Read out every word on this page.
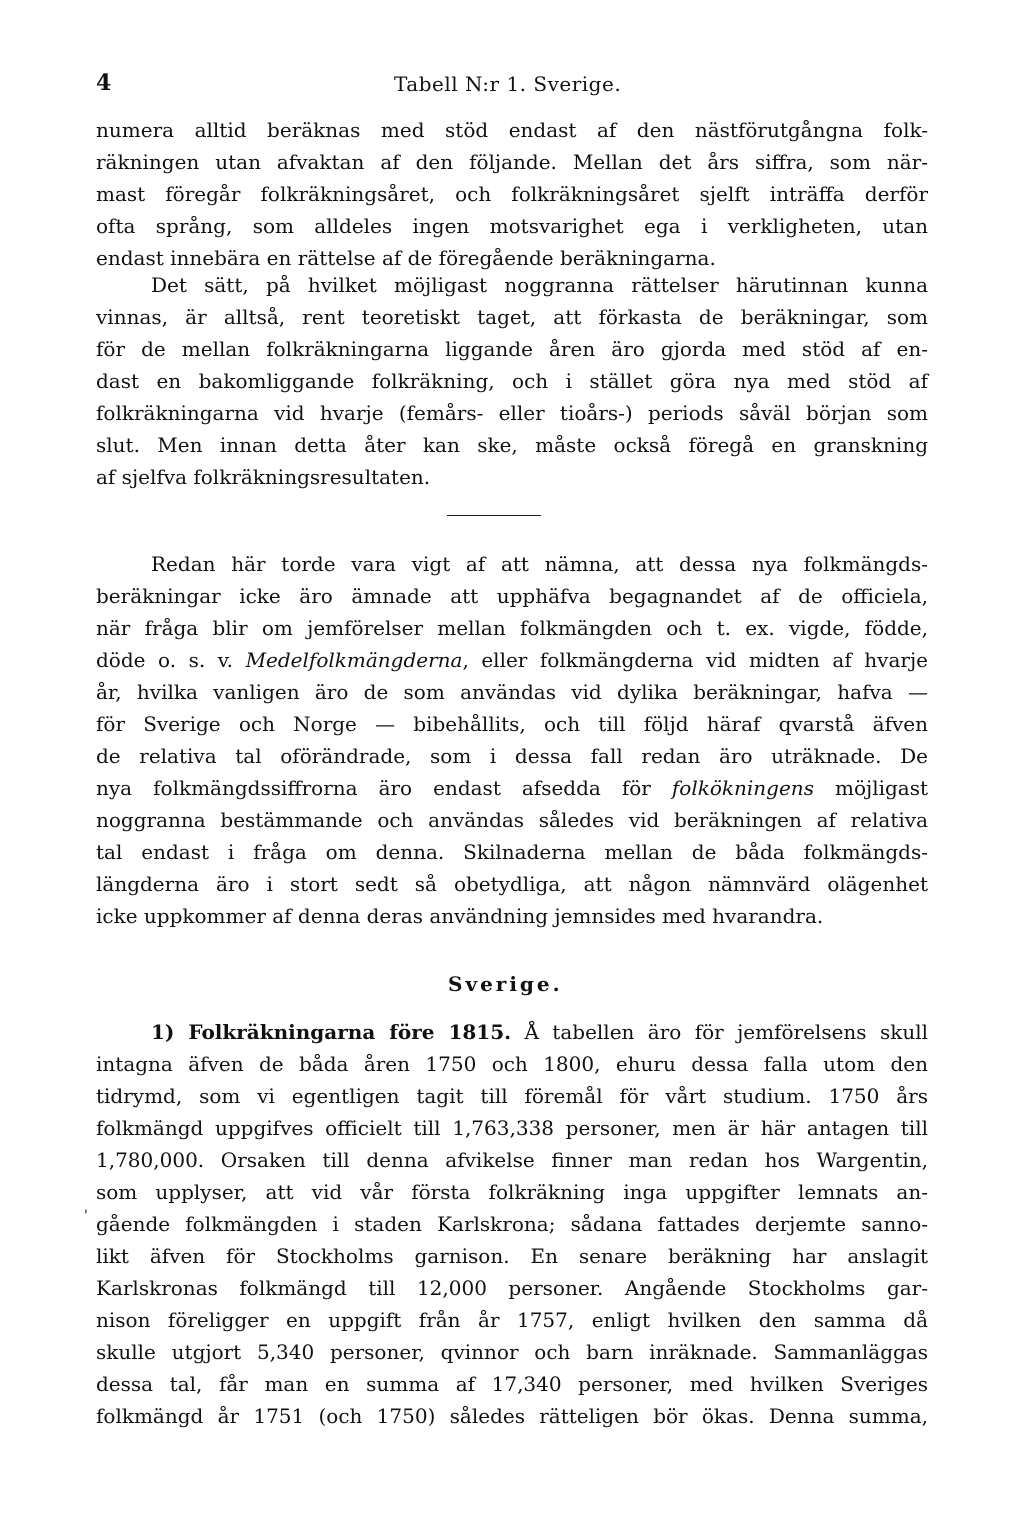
4	Tabell N:r 1. Sverige.
numera alltid beräknas med stöd endast af den nästförutgångna folk-
räkningen utan afvaktan af den följande. Mellan det års siffra, som när-
mast föregår folkräkningsåret, och folkräkningsåret sjelft inträffa derför
ofta språng, som alldeles ingen motsvarighet ega i verkligheten, utan
endast innebära en rättelse af de föregående beräkningarna.
Det sätt, på hvilket möjligast noggranna rättelser härutinnan kunna
vinnas, är alltså, rent teoretiskt taget, att förkasta de beräkningar, som
för de mellan folkräkningarna liggande åren äro gjorda med stöd af en-
dast en bakomliggande folkräkning, och i stället göra nya med stöd af
folkräkningarna vid hvarje (femårs- eller tioårs-) periods såväl början som
slut. Men innan detta åter kan ske, måste också föregå en granskning
af sjelfva folkräkningsresultaten.
Redan här torde vara vigt af att nämna, att dessa nya folkmängds-
beräkningar icke äro ämnade att upphäfva begagnandet af de officiela,
när fråga blir om jemförelser mellan folkmängden och t. ex. vigde, födde,
döde o. s. v. Medelfolkmängderna, eller folkmängderna vid midten af hvarje
år, hvilka vanligen äro de som användas vid dylika beräkningar, hafva —
för Sverige och Norge — bibehållits, och till följd häraf qvarstå äfven
de relativa tal oförändrade, som i dessa fall redan äro uträknade. De
nya folkmängdssiffrorna äro endast afsedda för folkökningens möjligast
noggranna bestämmande och användas således vid beräkningen af relativa
tal endast i fråga om denna. Skilnaderna mellan de båda folkmängds-
längderna äro i stort sedt så obetydliga, att någon nämnvärd olägenhet
icke uppkommer af denna deras användning jemnsides med hvarandra.
Sverige.
1) Folkräkningarna före 1815. Å tabellen äro för jemförelsens skull
intagna äfven de båda åren 1750 och 1800, ehuru dessa falla utom den
tidrymd, som vi egentligen tagit till föremål för vårt studium. 1750 års
folkmängd uppgifves officielt till 1,763,338 personer, men är här antagen till
1,780,000. Orsaken till denna afvikelse finner man redan hos Wargentin,
som upplyser, att vid vår första folkräkning inga uppgifter lemnats an-
gående folkmängden i staden Karlskrona; sådana fattades derjemte sanno-
likt äfven för Stockholms garnison. En senare beräkning har anslagit
Karlskronas folkmängd till 12,000 personer. Angående Stockholms gar-
nison föreligger en uppgift från år 1757, enligt hvilken den samma då
skulle utgjort 5,340 personer, qvinnor och barn inräknade. Sammanläggas
dessa tal, får man en summa af 17,340 personer, med hvilken Sveriges
folkmängd år 1751 (och 1750) således rätteligen bör ökas. Denna summa,
'
